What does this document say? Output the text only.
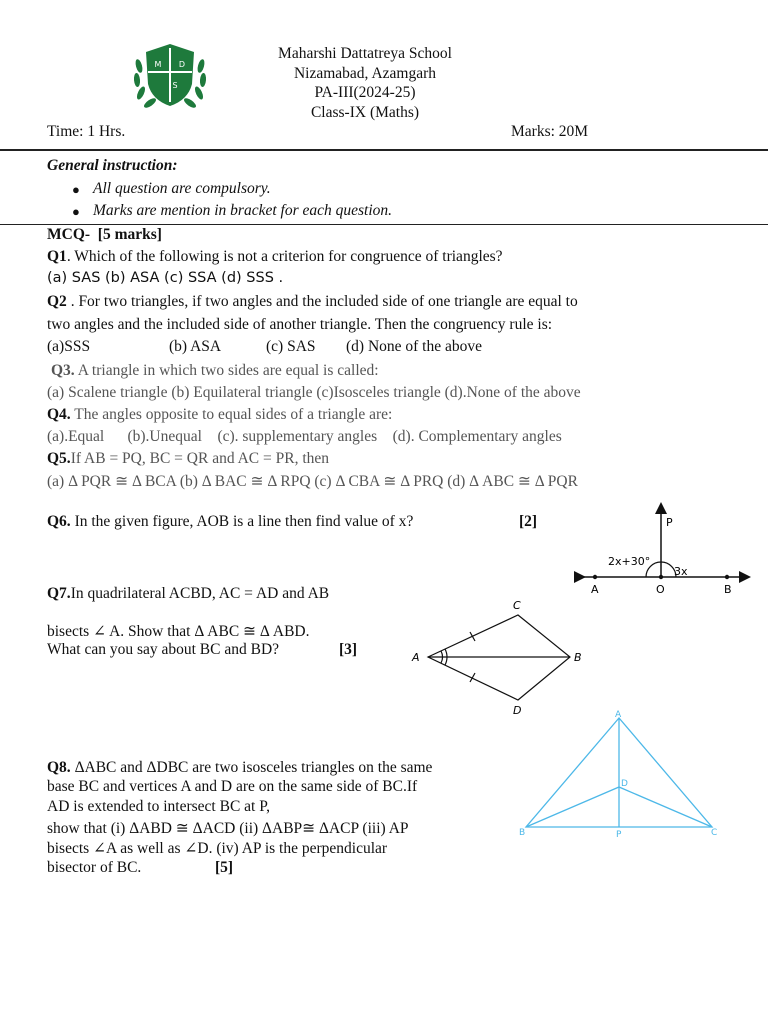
M D
S
Maharshi Dattatreya School
Nizamabad, Azamgarh
PA-III(2024-25)
Class-IX (Maths)
Time: 1 Hrs.	Marks: 20M
General instruction:
● All question are compulsory.
● Marks are mention in bracket for each question.
MCQ- [5 marks]
Q1. Which of the following is not a criterion for congruence of triangles?
(a) SAS (b) ASA (c) SSA (d) SSS .
Q2 . For two triangles, if two angles and the included side of one triangle are equal to
two angles and the included side of another triangle. Then the congruency rule is:
(a)SSS	(b) ASA	(c) SAS (d) None of the above
Q3. A triangle in which two sides are equal is called:
(a) Scalene triangle (b) Equilateral triangle (c)Isosceles triangle (d).None of the above
Q4. The angles opposite to equal sides of a triangle are:
(a).Equal      (b).Unequal    (c). supplementary angles    (d). Complementary angles
Q5.If AB = PQ, BC = QR and AC = PR, then
(a) Δ PQR ≅ Δ BCA (b) Δ BAC ≅ Δ RPQ (c) Δ CBA ≅ Δ PRQ (d) Δ ABC ≅ Δ PQR
Q6. In the given figure, AOB is a line then find value of x?	[2]
2x+30°
3x
A	O	B
P
Q7.In quadrilateral ACBD, AC = AD and AB
bisects ∠ A. Show that Δ ABC ≅ Δ ABD.
What can you say about BC and BD?	[3]	A	B
C
D
Q8. ΔABC and ΔDBC are two isosceles triangles on the same
base BC and vertices A and D are on the same side of BC.If
AD is extended to intersect BC at P,
show that (i) ΔABD ≅ ΔACD (ii) ΔABP≅ ΔACP (iii) AP
bisects ∠A as well as ∠D. (iv) AP is the perpendicular
bisector of BC.	[5]
A
B	C
D
P
